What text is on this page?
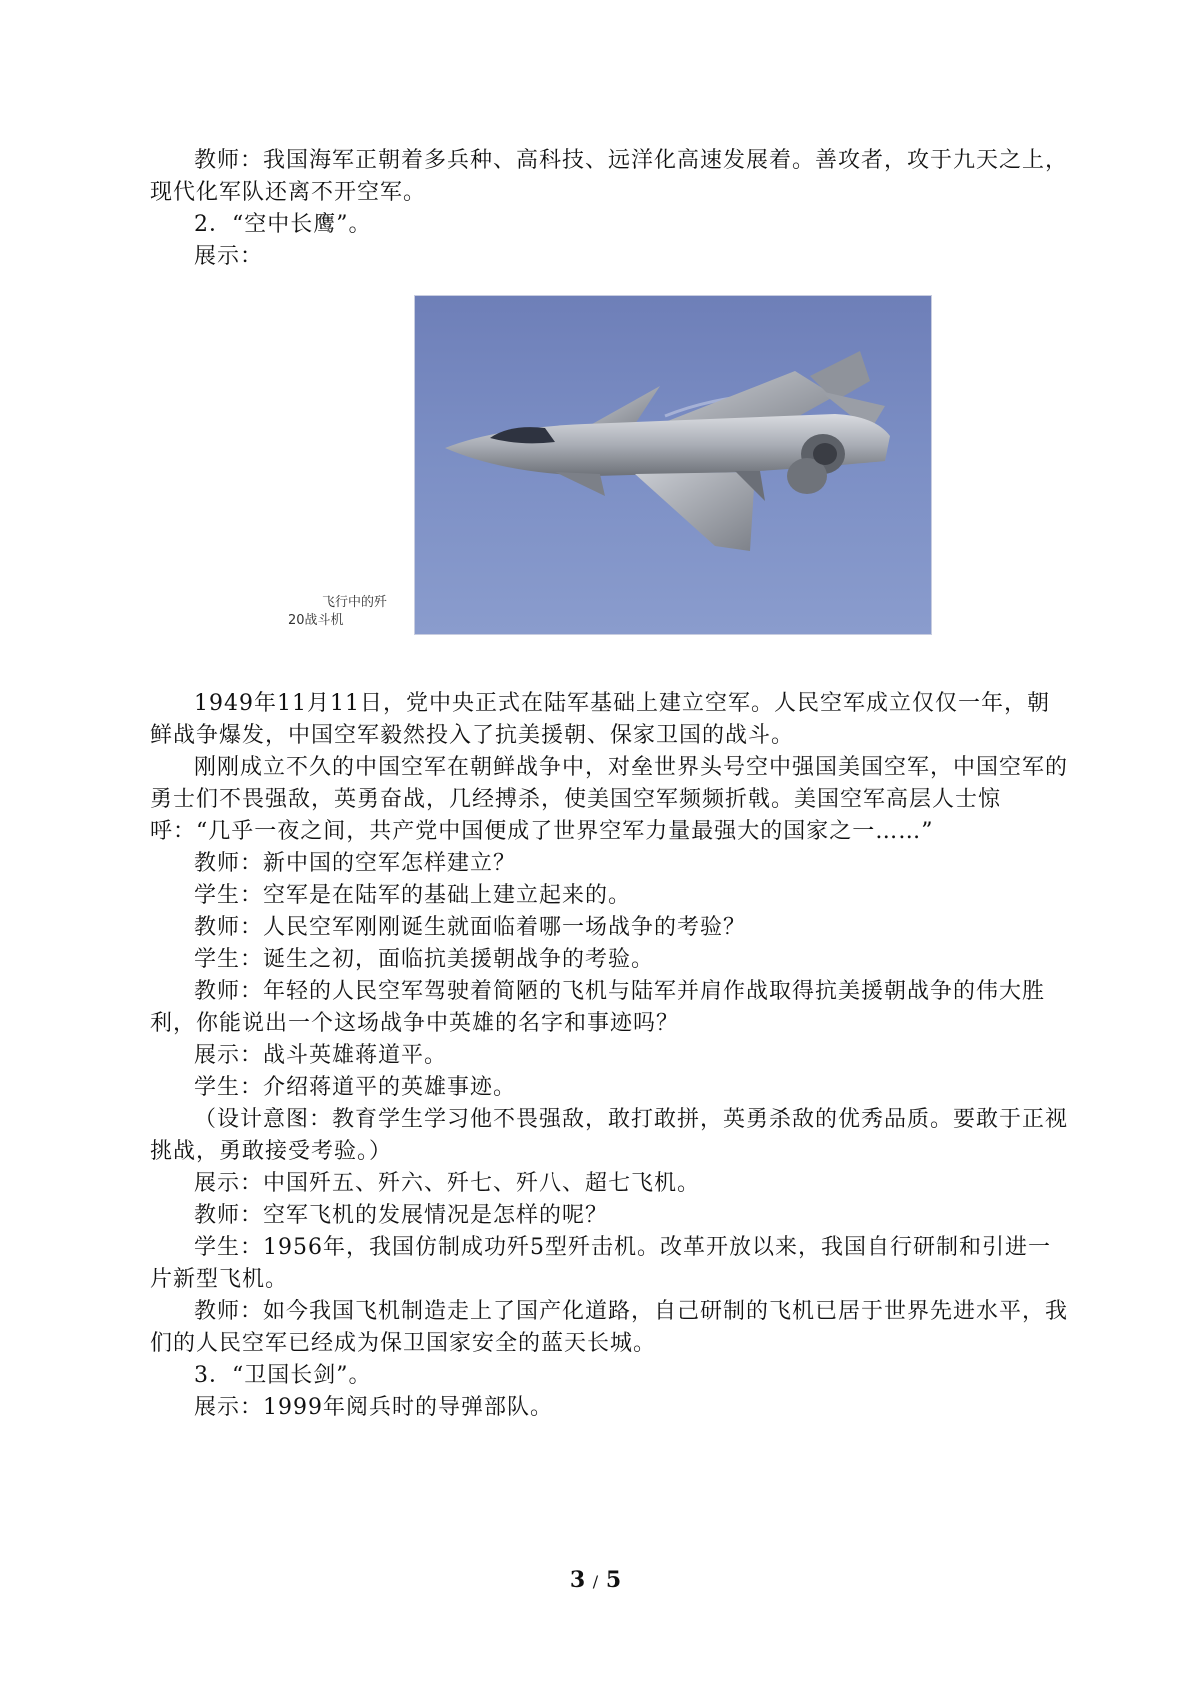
教师：我国海军正朝着多兵种、高科技、远洋化高速发展着。善攻者，攻于九天之上，现代化军队还离不开空军。

2．“空中长鹰”。

展示：

飞行中的歼
20战斗机

1949年11月11日，党中央正式在陆军基础上建立空军。人民空军成立仅仅一年，朝鲜战争爆发，中国空军毅然投入了抗美援朝、保家卫国的战斗。

刚刚成立不久的中国空军在朝鲜战争中，对垒世界头号空中强国美国空军，中国空军的勇士们不畏强敌，英勇奋战，几经搏杀，使美国空军频频折戟。美国空军高层人士惊呼：“几乎一夜之间，共产党中国便成了世界空军力量最强大的国家之一……”

教师：新中国的空军怎样建立？

学生：空军是在陆军的基础上建立起来的。

教师：人民空军刚刚诞生就面临着哪一场战争的考验？

学生：诞生之初，面临抗美援朝战争的考验。

教师：年轻的人民空军驾驶着简陋的飞机与陆军并肩作战取得抗美援朝战争的伟大胜利，你能说出一个这场战争中英雄的名字和事迹吗？

展示：战斗英雄蒋道平。

学生：介绍蒋道平的英雄事迹。

（设计意图：教育学生学习他不畏强敌，敢打敢拼，英勇杀敌的优秀品质。要敢于正视挑战，勇敢接受考验。）

展示：中国歼五、歼六、歼七、歼八、超七飞机。

教师：空军飞机的发展情况是怎样的呢？

学生：1956年，我国仿制成功歼5型歼击机。改革开放以来，我国自行研制和引进一片新型飞机。

教师：如今我国飞机制造走上了国产化道路，自己研制的飞机已居于世界先进水平，我们的人民空军已经成为保卫国家安全的蓝天长城。

3．“卫国长剑”。

展示：1999年阅兵时的导弹部队。

3 / 5
